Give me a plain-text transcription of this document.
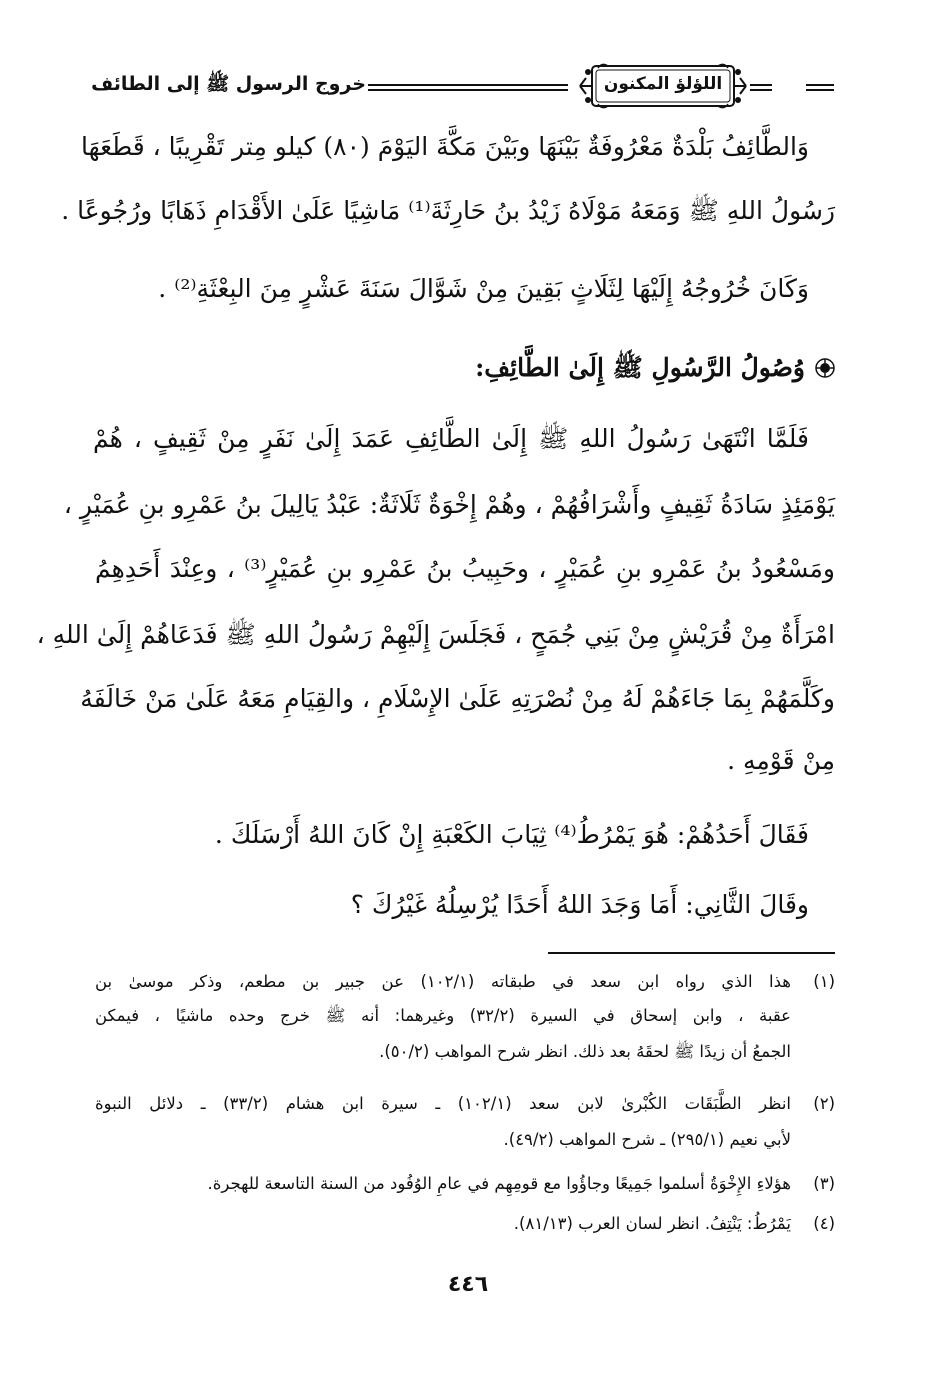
خروج الرسول ﷺ إلى الطائف	اللؤلؤ المكنون
وَالطَّائِفُ بَلْدَةٌ مَعْرُوفَةٌ بَيْنَهَا وبَيْنَ مَكَّةَ اليَوْمَ (٨٠) كيلو مِتر تَقْرِيبًا ، قَطَعَهَا
رَسُولُ اللهِ ﷺ وَمَعَهُ مَوْلَاهُ زَيْدُ بنُ حَارِثَةَ⁽¹⁾ مَاشِيًا عَلَىٰ الأَقْدَامِ ذَهَابًا ورُجُوعًا .
وَكَانَ خُرُوجُهُ إِلَيْهَا لِثَلَاثٍ بَقِينَ مِنْ شَوَّالَ سَنَةَ عَشْرٍ مِنَ البِعْثَةِ⁽²⁾ .
وُصُولُ الرَّسُولِ ﷺ إِلَىٰ الطَّائِفِ:
فَلَمَّا انْتَهَىٰ رَسُولُ اللهِ ﷺ إِلَىٰ الطَّائِفِ عَمَدَ إِلَىٰ نَفَرٍ مِنْ ثَقِيفٍ ، هُمْ
يَوْمَئِذٍ سَادَةُ ثَقِيفٍ وأَشْرَافُهُمْ ، وهُمْ إِخْوَةٌ ثَلَاثَةٌ: عَبْدُ يَالِيلَ بنُ عَمْرِو بنِ عُمَيْرٍ ،
ومَسْعُودُ بنُ عَمْرِو بنِ عُمَيْرٍ ، وحَبِيبُ بنُ عَمْرِو بنِ عُمَيْرٍ⁽³⁾ ، وعِنْدَ أَحَدِهِمُ
امْرَأَةٌ مِنْ قُرَيْشٍ مِنْ بَنِي جُمَحٍ ، فَجَلَسَ إِلَيْهِمْ رَسُولُ اللهِ ﷺ فَدَعَاهُمْ إِلَىٰ اللهِ ،
وكَلَّمَهُمْ بِمَا جَاءَهُمْ لَهُ مِنْ نُصْرَتِهِ عَلَىٰ الإِسْلَامِ ، والقِيَامِ مَعَهُ عَلَىٰ مَنْ خَالَفَهُ
مِنْ قَوْمِهِ .
فَقَالَ أَحَدُهُمْ: هُوَ يَمْرُطُ⁽⁴⁾ ثِيَابَ الكَعْبَةِ إِنْ كَانَ اللهُ أَرْسَلَكَ .
وقَالَ الثَّانِي: أَمَا وَجَدَ اللهُ أَحَدًا يُرْسِلُهُ غَيْرُكَ ؟
(١)هذا الذي رواه ابن سعد في طبقاته (١٠٢/١) عن جبير بن مطعم، وذكر موسىٰ بن
عقبة ، وابن إسحاق في السيرة (٣٢/٢) وغيرهما: أنه ﷺ خرج وحده ماشيًا ، فيمكن
الجمعُ أن زيدًا ﷺ لحقَهُ بعد ذلك. انظر شرح المواهب (٥٠/٢).
(٢)انظر الطَّبَقَات الكُبْرىٰ لابن سعد (١٠٢/١) ـ سيرة ابن هشام (٣٣/٢) ـ دلائل النبوة
لأبي نعيم (٢٩٥/١) ـ شرح المواهب (٤٩/٢).
(٣)هؤلاءِ الإِخْوَةُ أسلموا جَمِيعًا وجاؤُوا مع قومِهِم في عامِ الوُفُود من السنة التاسعة للهجرة.
(٤)يَمْرُطُ: يَنْتِفُ. انظر لسان العرب (٨١/١٣).
٤٤٦
